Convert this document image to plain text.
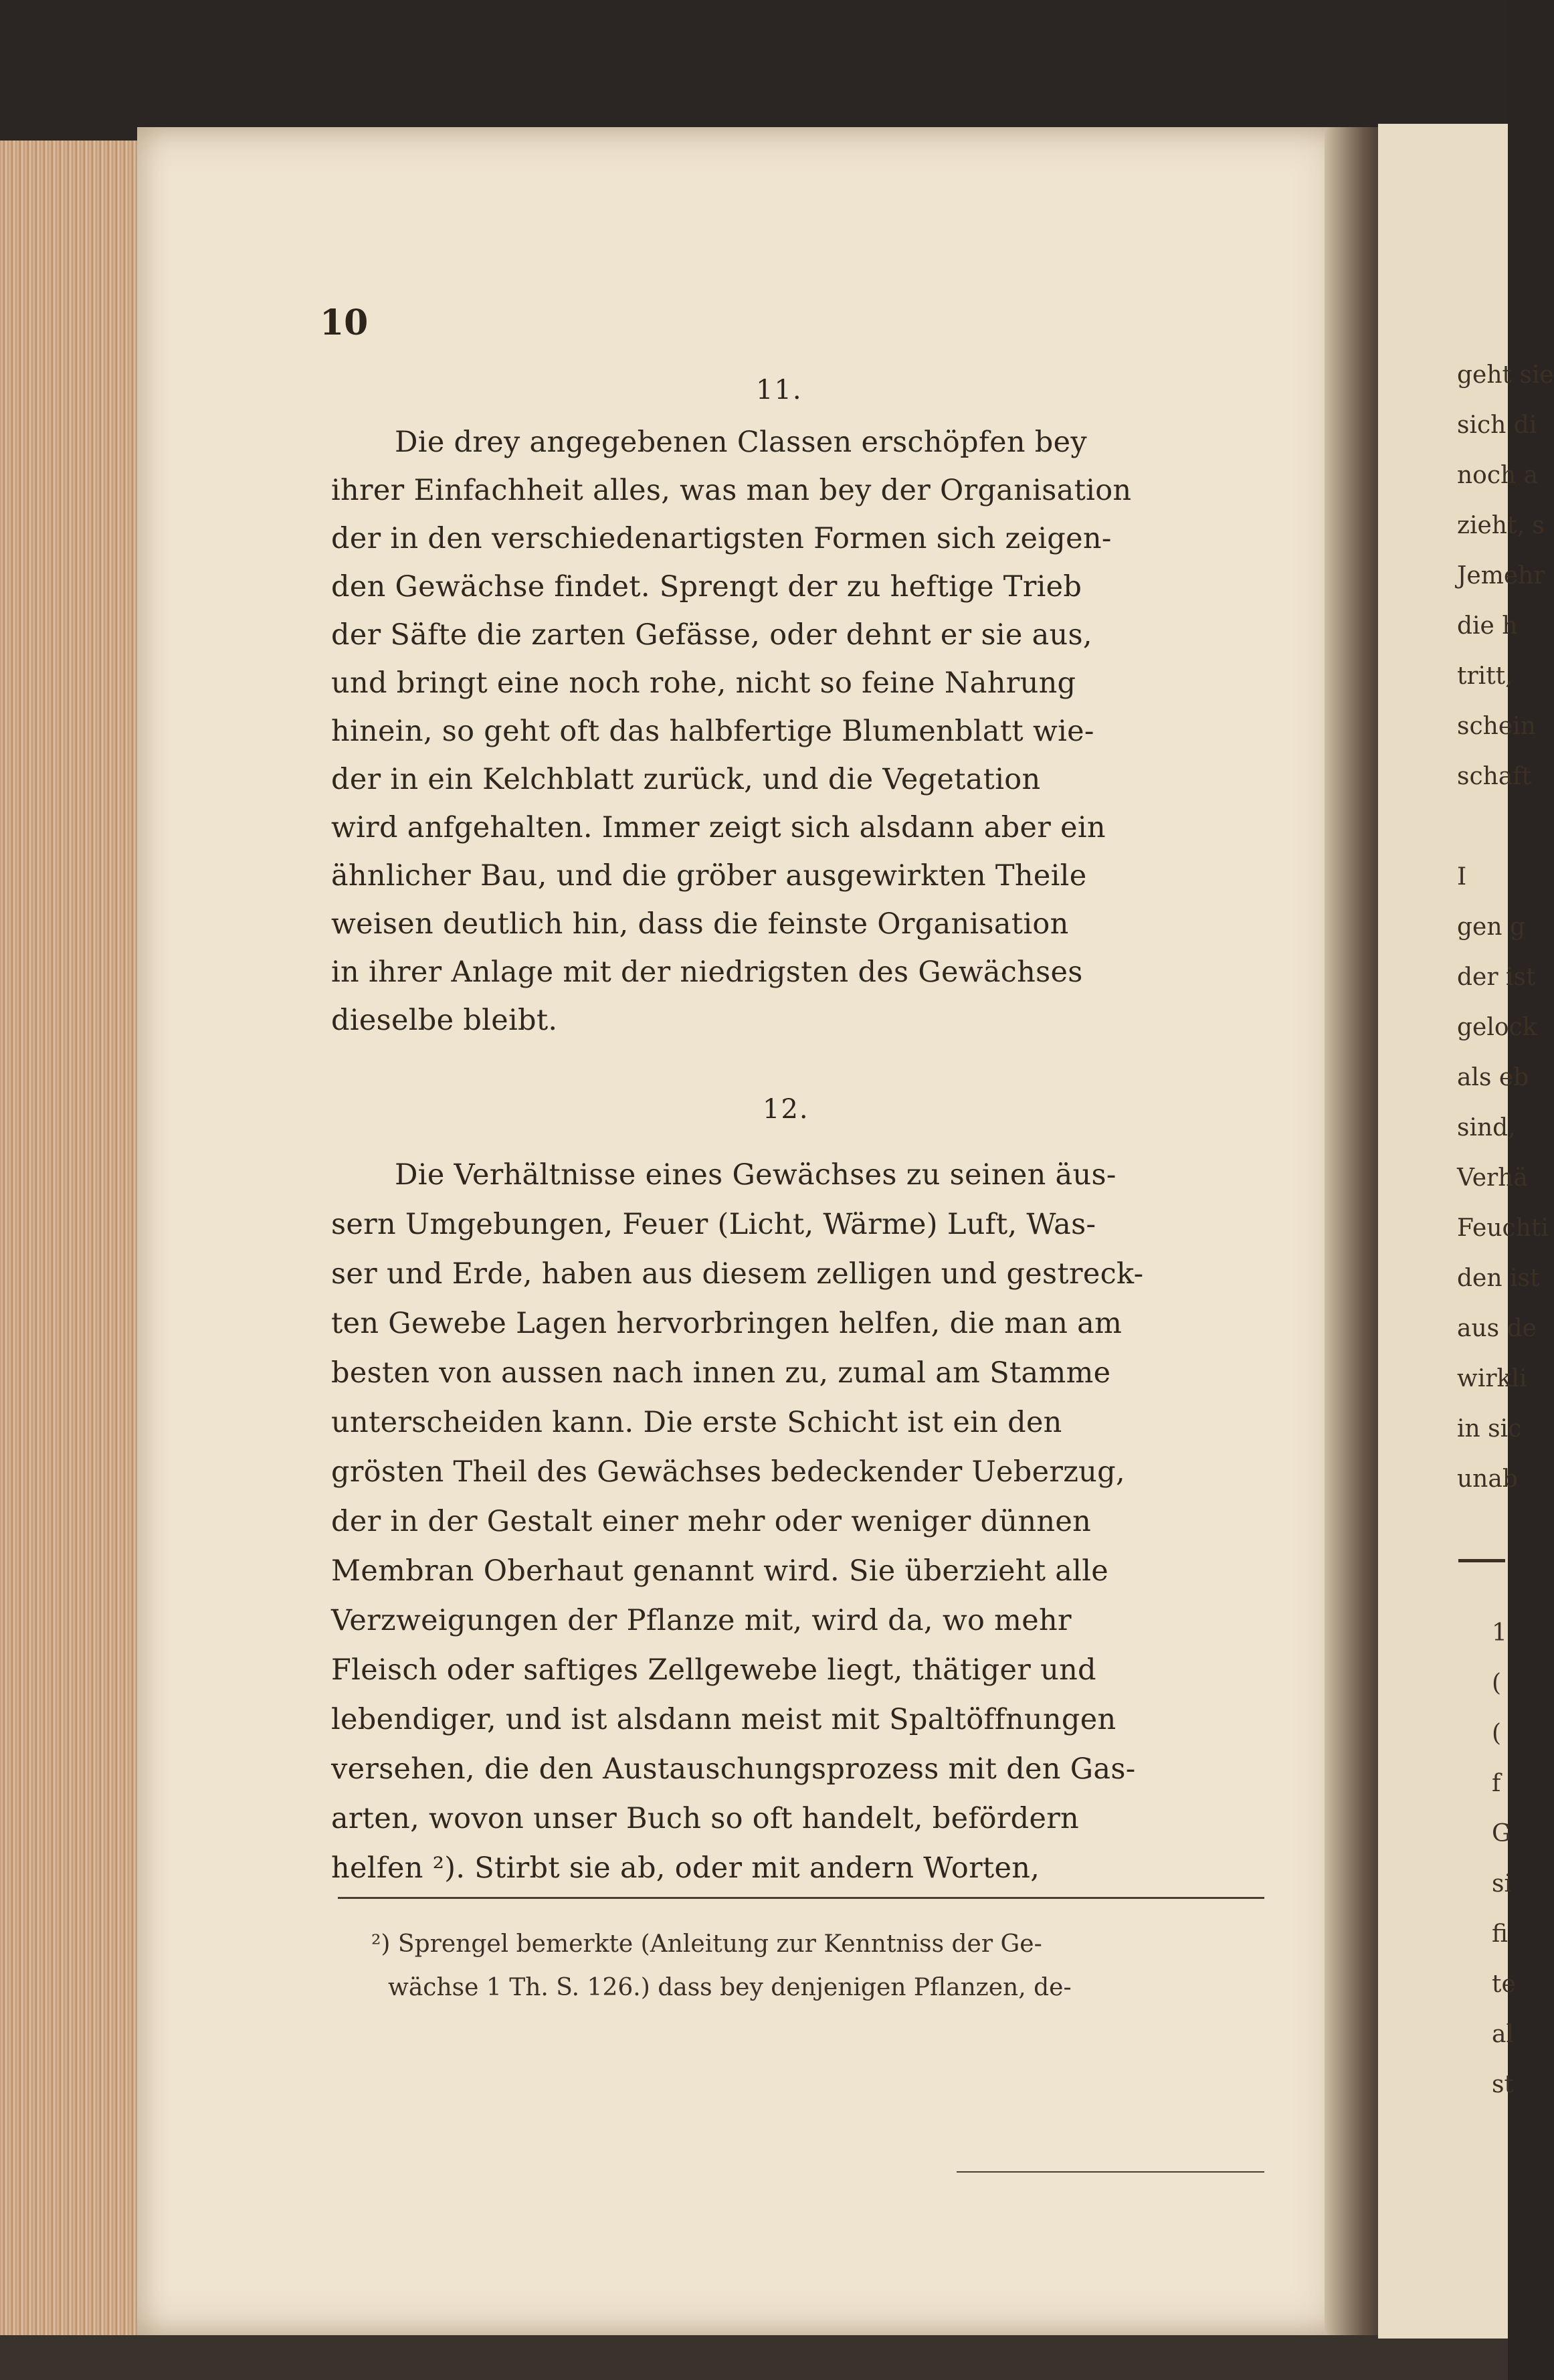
geht sie
sich di
noch a
zieht, s
Jemehr
die h
tritt,
schein
schaft
I
gen g
der ist
gelock
als eb
sind,
Verhä
Feuchti
den ist
aus de
wirkli
in sic
unab
1
(
(
f
G
si
fi
te
al
st
10
11.
Die drey angegebenen Classen erschöpfen bey
ihrer Einfachheit alles, was man bey der Organisation
der in den verschiedenartigsten Formen sich zeigen-
den Gewächse findet. Sprengt der zu heftige Trieb
der Säfte die zarten Gefässe, oder dehnt er sie aus,
und bringt eine noch rohe, nicht so feine Nahrung
hinein, so geht oft das halbfertige Blumenblatt wie-
der in ein Kelchblatt zurück, und die Vegetation
wird anfgehalten. Immer zeigt sich alsdann aber ein
ähnlicher Bau, und die gröber ausgewirkten Theile
weisen deutlich hin, dass die feinste Organisation
in ihrer Anlage mit der niedrigsten des Gewächses
dieselbe bleibt.
12.
Die Verhältnisse eines Gewächses zu seinen äus-
sern Umgebungen, Feuer (Licht, Wärme) Luft, Was-
ser und Erde, haben aus diesem zelligen und gestreck-
ten Gewebe Lagen hervorbringen helfen, die man am
besten von aussen nach innen zu, zumal am Stamme
unterscheiden kann. Die erste Schicht ist ein den
grösten Theil des Gewächses bedeckender Ueberzug,
der in der Gestalt einer mehr oder weniger dünnen
Membran Oberhaut genannt wird. Sie überzieht alle
Verzweigungen der Pflanze mit, wird da, wo mehr
Fleisch oder saftiges Zellgewebe liegt, thätiger und
lebendiger, und ist alsdann meist mit Spaltöffnungen
versehen, die den Austauschungsprozess mit den Gas-
arten, wovon unser Buch so oft handelt, befördern
helfen ²). Stirbt sie ab, oder mit andern Worten,
²) Sprengel bemerkte (Anleitung zur Kenntniss der Ge-
wächse 1 Th. S. 126.) dass bey denjenigen Pflanzen, de-
